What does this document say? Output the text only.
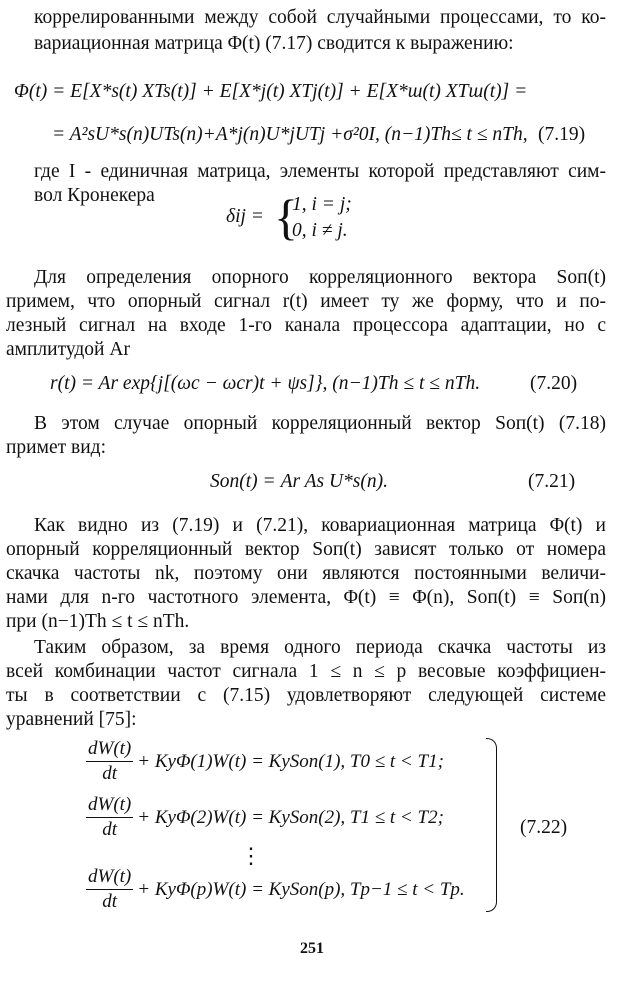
коррелированными между собой случайными процессами, то ко-
вариационная матрица Φ(t) (7.17) сводится к выражению:
Φ(t) = E[X*s(t) XTs(t)] + E[X*j(t) XTj(t)] + E[X*ш(t) XTш(t)] =
= A²sU*s(n)UTs(n)+A*j(n)U*jUTj +σ²0I, (n−1)Th≤ t ≤ nTh, (7.19)
где I - единичная матрица, элементы которой представляют сим-
вол Кронекера
δij = {
1, i = j;
0, i ≠ j.
Для определения опорного корреляционного вектора Sоп(t)
примем, что опорный сигнал r(t) имеет ту же форму, что и по-
лезный сигнал на входе 1-го канала процессора адаптации, но с
амплитудой Ar
r(t) = Ar exp{j[(ωc − ωcr)t + ψs]}, (n−1)Th ≤ t ≤ nTh.	(7.20)
В этом случае опорный корреляционный вектор Sоп(t) (7.18)
примет вид:
Sоп(t) = Ar As U*s(n).	(7.21)
Как видно из (7.19) и (7.21), ковариационная матрица Φ(t) и
опорный корреляционный вектор Sоп(t) зависят только от номера
скачка частоты nk, поэтому они являются постоянными величи-
нами для n-го частотного элемента, Φ(t) ≡ Φ(n), Sоп(t) ≡ Sоп(n)
при (n−1)Th ≤ t ≤ nTh.
Таким образом, за время одного периода скачка частоты из
всей комбинации частот сигнала 1 ≤ n ≤ p весовые коэффициен-
ты в соответствии с (7.15) удовлетворяют следующей системе
уравнений [75]:
$\frac{dW(t)}{dt} + Ky\Phi(1)W(t)$ = KySоп(1), T0 ≤ t < T1;
$\frac{dW(t)}{dt} + Ky\Phi(2)W(t)$ = KySоп(2), T1 ≤ t < T2;
⋮
$\frac{dW(t)}{dt} + Ky\Phi(p)W(t)$ = KySоп(p), Tp−1 ≤ t < Tp.
(7.22)
251
